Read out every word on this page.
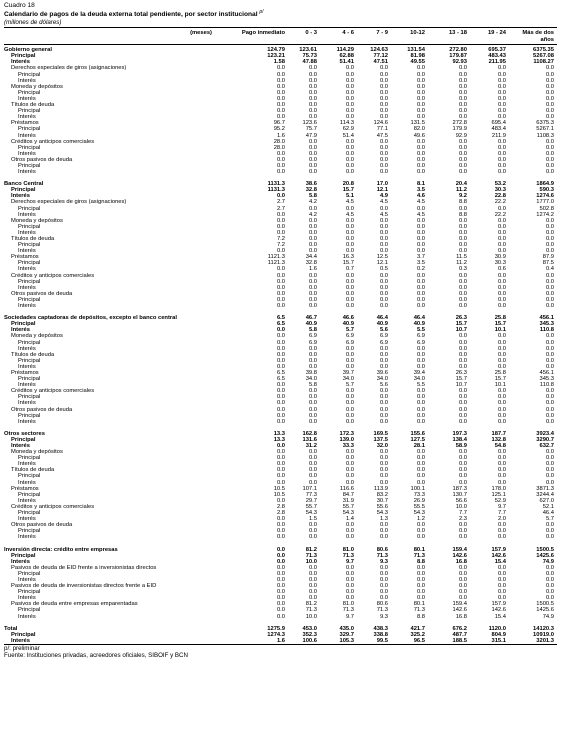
Cuadro 18
Calendario de pagos de la deuda externa total pendiente, por sector institucional $^{p/}$
(millones de dólares)
(meses)	Pago inmediato	0 - 3	4 - 6	7 - 9	10-12	13 - 18	19 - 24	Más de dos
años

Gobierno general	124.79	123.61	114.29	124.63	131.54	272.80	695.37	6375.35
Principal	123.21	75.73	62.88	77.12	81.98	179.87	483.43	5267.08
Interés	1.58	47.88	51.41	47.51	49.55	92.93	211.95	1108.27
Derechos especiales de giros (asignaciones)	0.0	0.0	0.0	0.0	0.0	0.0	0.0	0.0
Principal	0.0	0.0	0.0	0.0	0.0	0.0	0.0	0.0
Interés	0.0	0.0	0.0	0.0	0.0	0.0	0.0	0.0
Moneda y depósitos	0.0	0.0	0.0	0.0	0.0	0.0	0.0	0.0
Principal	0.0	0.0	0.0	0.0	0.0	0.0	0.0	0.0
Interés	0.0	0.0	0.0	0.0	0.0	0.0	0.0	0.0
Títulos de deuda	0.0	0.0	0.0	0.0	0.0	0.0	0.0	0.0
Principal	0.0	0.0	0.0	0.0	0.0	0.0	0.0	0.0
Interés	0.0	0.0	0.0	0.0	0.0	0.0	0.0	0.0
Préstamos	96.7	123.6	114.3	124.6	131.5	272.8	695.4	6375.3
Principal	95.2	75.7	62.9	77.1	82.0	179.9	483.4	5267.1
Interés	1.6	47.9	51.4	47.5	49.6	92.9	211.9	1108.3
Créditos y anticipos comerciales	28.0	0.0	0.0	0.0	0.0	0.0	0.0	0.0
Principal	28.0	0.0	0.0	0.0	0.0	0.0	0.0	0.0
Interés	0.0	0.0	0.0	0.0	0.0	0.0	0.0	0.0
Otros pasivos de deuda	0.0	0.0	0.0	0.0	0.0	0.0	0.0	0.0
Principal	0.0	0.0	0.0	0.0	0.0	0.0	0.0	0.0
Interés	0.0	0.0	0.0	0.0	0.0	0.0	0.0	0.0

Banco Central	1131.3	38.6	20.8	17.0	8.1	20.4	53.2	1864.9
Principal	1131.3	32.8	15.7	12.1	3.5	11.2	30.3	590.3
Interés	0.0	5.8	5.1	4.9	4.6	9.2	22.8	1274.6
Derechos especiales de giros (asignaciones)	2.7	4.2	4.5	4.5	4.5	8.8	22.2	1777.0
Principal	2.7	0.0	0.0	0.0	0.0	0.0	0.0	502.8
Interés	0.0	4.2	4.5	4.5	4.5	8.8	22.2	1274.2
Moneda y depósitos	0.0	0.0	0.0	0.0	0.0	0.0	0.0	0.0
Principal	0.0	0.0	0.0	0.0	0.0	0.0	0.0	0.0
Interés	0.0	0.0	0.0	0.0	0.0	0.0	0.0	0.0
Títulos de deuda	7.2	0.0	0.0	0.0	0.0	0.0	0.0	0.0
Principal	7.2	0.0	0.0	0.0	0.0	0.0	0.0	0.0
Interés	0.0	0.0	0.0	0.0	0.0	0.0	0.0	0.0
Préstamos	1121.3	34.4	16.3	12.5	3.7	11.5	30.9	87.9
Principal	1121.3	32.8	15.7	12.1	3.5	11.2	30.3	87.5
Interés	0.0	1.6	0.7	0.5	0.2	0.3	0.6	0.4
Créditos y anticipos comerciales	0.0	0.0	0.0	0.0	0.0	0.0	0.0	0.0
Principal	0.0	0.0	0.0	0.0	0.0	0.0	0.0	0.0
Interés	0.0	0.0	0.0	0.0	0.0	0.0	0.0	0.0
Otros pasivos de deuda	0.0	0.0	0.0	0.0	0.0	0.0	0.0	0.0
Principal	0.0	0.0	0.0	0.0	0.0	0.0	0.0	0.0
Interés	0.0	0.0	0.0	0.0	0.0	0.0	0.0	0.0

Sociedades captadoras de depósitos, excepto el banco central	6.5	46.7	46.6	46.4	46.4	26.3	25.8	456.1
Principal	6.5	40.9	40.9	40.9	40.9	15.7	15.7	345.3
Interés	0.0	5.8	5.7	5.6	5.5	10.7	10.1	110.8
Moneda y depósitos	0.0	6.9	6.9	6.9	6.9	0.0	0.0	0.0
Principal	0.0	6.9	6.9	6.9	6.9	0.0	0.0	0.0
Interés	0.0	0.0	0.0	0.0	0.0	0.0	0.0	0.0
Títulos de deuda	0.0	0.0	0.0	0.0	0.0	0.0	0.0	0.0
Principal	0.0	0.0	0.0	0.0	0.0	0.0	0.0	0.0
Interés	0.0	0.0	0.0	0.0	0.0	0.0	0.0	0.0
Préstamos	6.5	39.8	39.7	39.6	39.4	26.3	25.8	456.1
Principal	6.5	34.0	34.0	34.0	34.0	15.7	15.7	345.3
Interés	0.0	5.8	5.7	5.6	5.5	10.7	10.1	110.8
Créditos y anticipos comerciales	0.0	0.0	0.0	0.0	0.0	0.0	0.0	0.0
Principal	0.0	0.0	0.0	0.0	0.0	0.0	0.0	0.0
Interés	0.0	0.0	0.0	0.0	0.0	0.0	0.0	0.0
Otros pasivos de deuda	0.0	0.0	0.0	0.0	0.0	0.0	0.0	0.0
Principal	0.0	0.0	0.0	0.0	0.0	0.0	0.0	0.0
Interés	0.0	0.0	0.0	0.0	0.0	0.0	0.0	0.0

Otros sectores	13.3	162.8	172.3	169.5	155.6	197.3	187.7	3923.4
Principal	13.3	131.6	139.0	137.5	127.5	138.4	132.8	3290.7
Interés	0.0	31.2	33.3	32.0	28.1	58.9	54.8	632.7
Moneda y depósitos	0.0	0.0	0.0	0.0	0.0	0.0	0.0	0.0
Principal	0.0	0.0	0.0	0.0	0.0	0.0	0.0	0.0
Interés	0.0	0.0	0.0	0.0	0.0	0.0	0.0	0.0
Títulos de deuda	0.0	0.0	0.0	0.0	0.0	0.0	0.0	0.0
Principal	0.0	0.0	0.0	0.0	0.0	0.0	0.0	0.0
Interés	0.0	0.0	0.0	0.0	0.0	0.0	0.0	0.0
Préstamos	10.5	107.1	116.6	113.9	100.1	187.3	178.0	3871.3
Principal	10.5	77.3	84.7	83.2	73.3	130.7	125.1	3244.4
Interés	0.0	29.7	31.9	30.7	26.9	56.6	52.9	627.0
Créditos y anticipos comerciales	2.8	55.7	55.7	55.6	55.5	10.0	9.7	52.1
Principal	2.8	54.3	54.3	54.3	54.3	7.7	7.7	46.4
Interés	0.0	1.5	1.4	1.3	1.2	2.3	2.0	5.7
Otros pasivos de deuda	0.0	0.0	0.0	0.0	0.0	0.0	0.0	0.0
Principal	0.0	0.0	0.0	0.0	0.0	0.0	0.0	0.0
Interés	0.0	0.0	0.0	0.0	0.0	0.0	0.0	0.0

Inversión directa: crédito entre empresas	0.0	81.2	81.0	80.6	80.1	159.4	157.9	1500.5
Principal	0.0	71.3	71.3	71.3	71.3	142.6	142.6	1425.6
Interés	0.0	10.0	9.7	9.3	8.8	16.8	15.4	74.9
Pasivos de deuda de EID frente a inversionistas directos	0.0	0.0	0.0	0.0	0.0	0.0	0.0	0.0
Principal	0.0	0.0	0.0	0.0	0.0	0.0	0.0	0.0
Interés	0.0	0.0	0.0	0.0	0.0	0.0	0.0	0.0
Pasivos de deuda de inversionistas directos frente a EID	0.0	0.0	0.0	0.0	0.0	0.0	0.0	0.0
Principal	0.0	0.0	0.0	0.0	0.0	0.0	0.0	0.0
Interés	0.0	0.0	0.0	0.0	0.0	0.0	0.0	0.0
Pasivos de deuda entre empresas emparentadas	0.0	81.2	81.0	80.6	80.1	159.4	157.9	1500.5
Principal	0.0	71.3	71.3	71.3	71.3	142.6	142.6	1425.6
Interés	0.0	10.0	9.7	9.3	8.8	16.8	15.4	74.9

Total	1275.9	453.0	435.0	438.3	421.7	676.2	1120.0	14120.3
Principal	1274.3	352.3	329.7	338.8	325.2	487.7	804.9	10919.0
Interés	1.6	100.6	105.3	99.5	96.5	188.5	315.1	3201.3
p/: preliminar
Fuente: Instituciones privadas, acreedores oficiales, SIBOIF y BCN
